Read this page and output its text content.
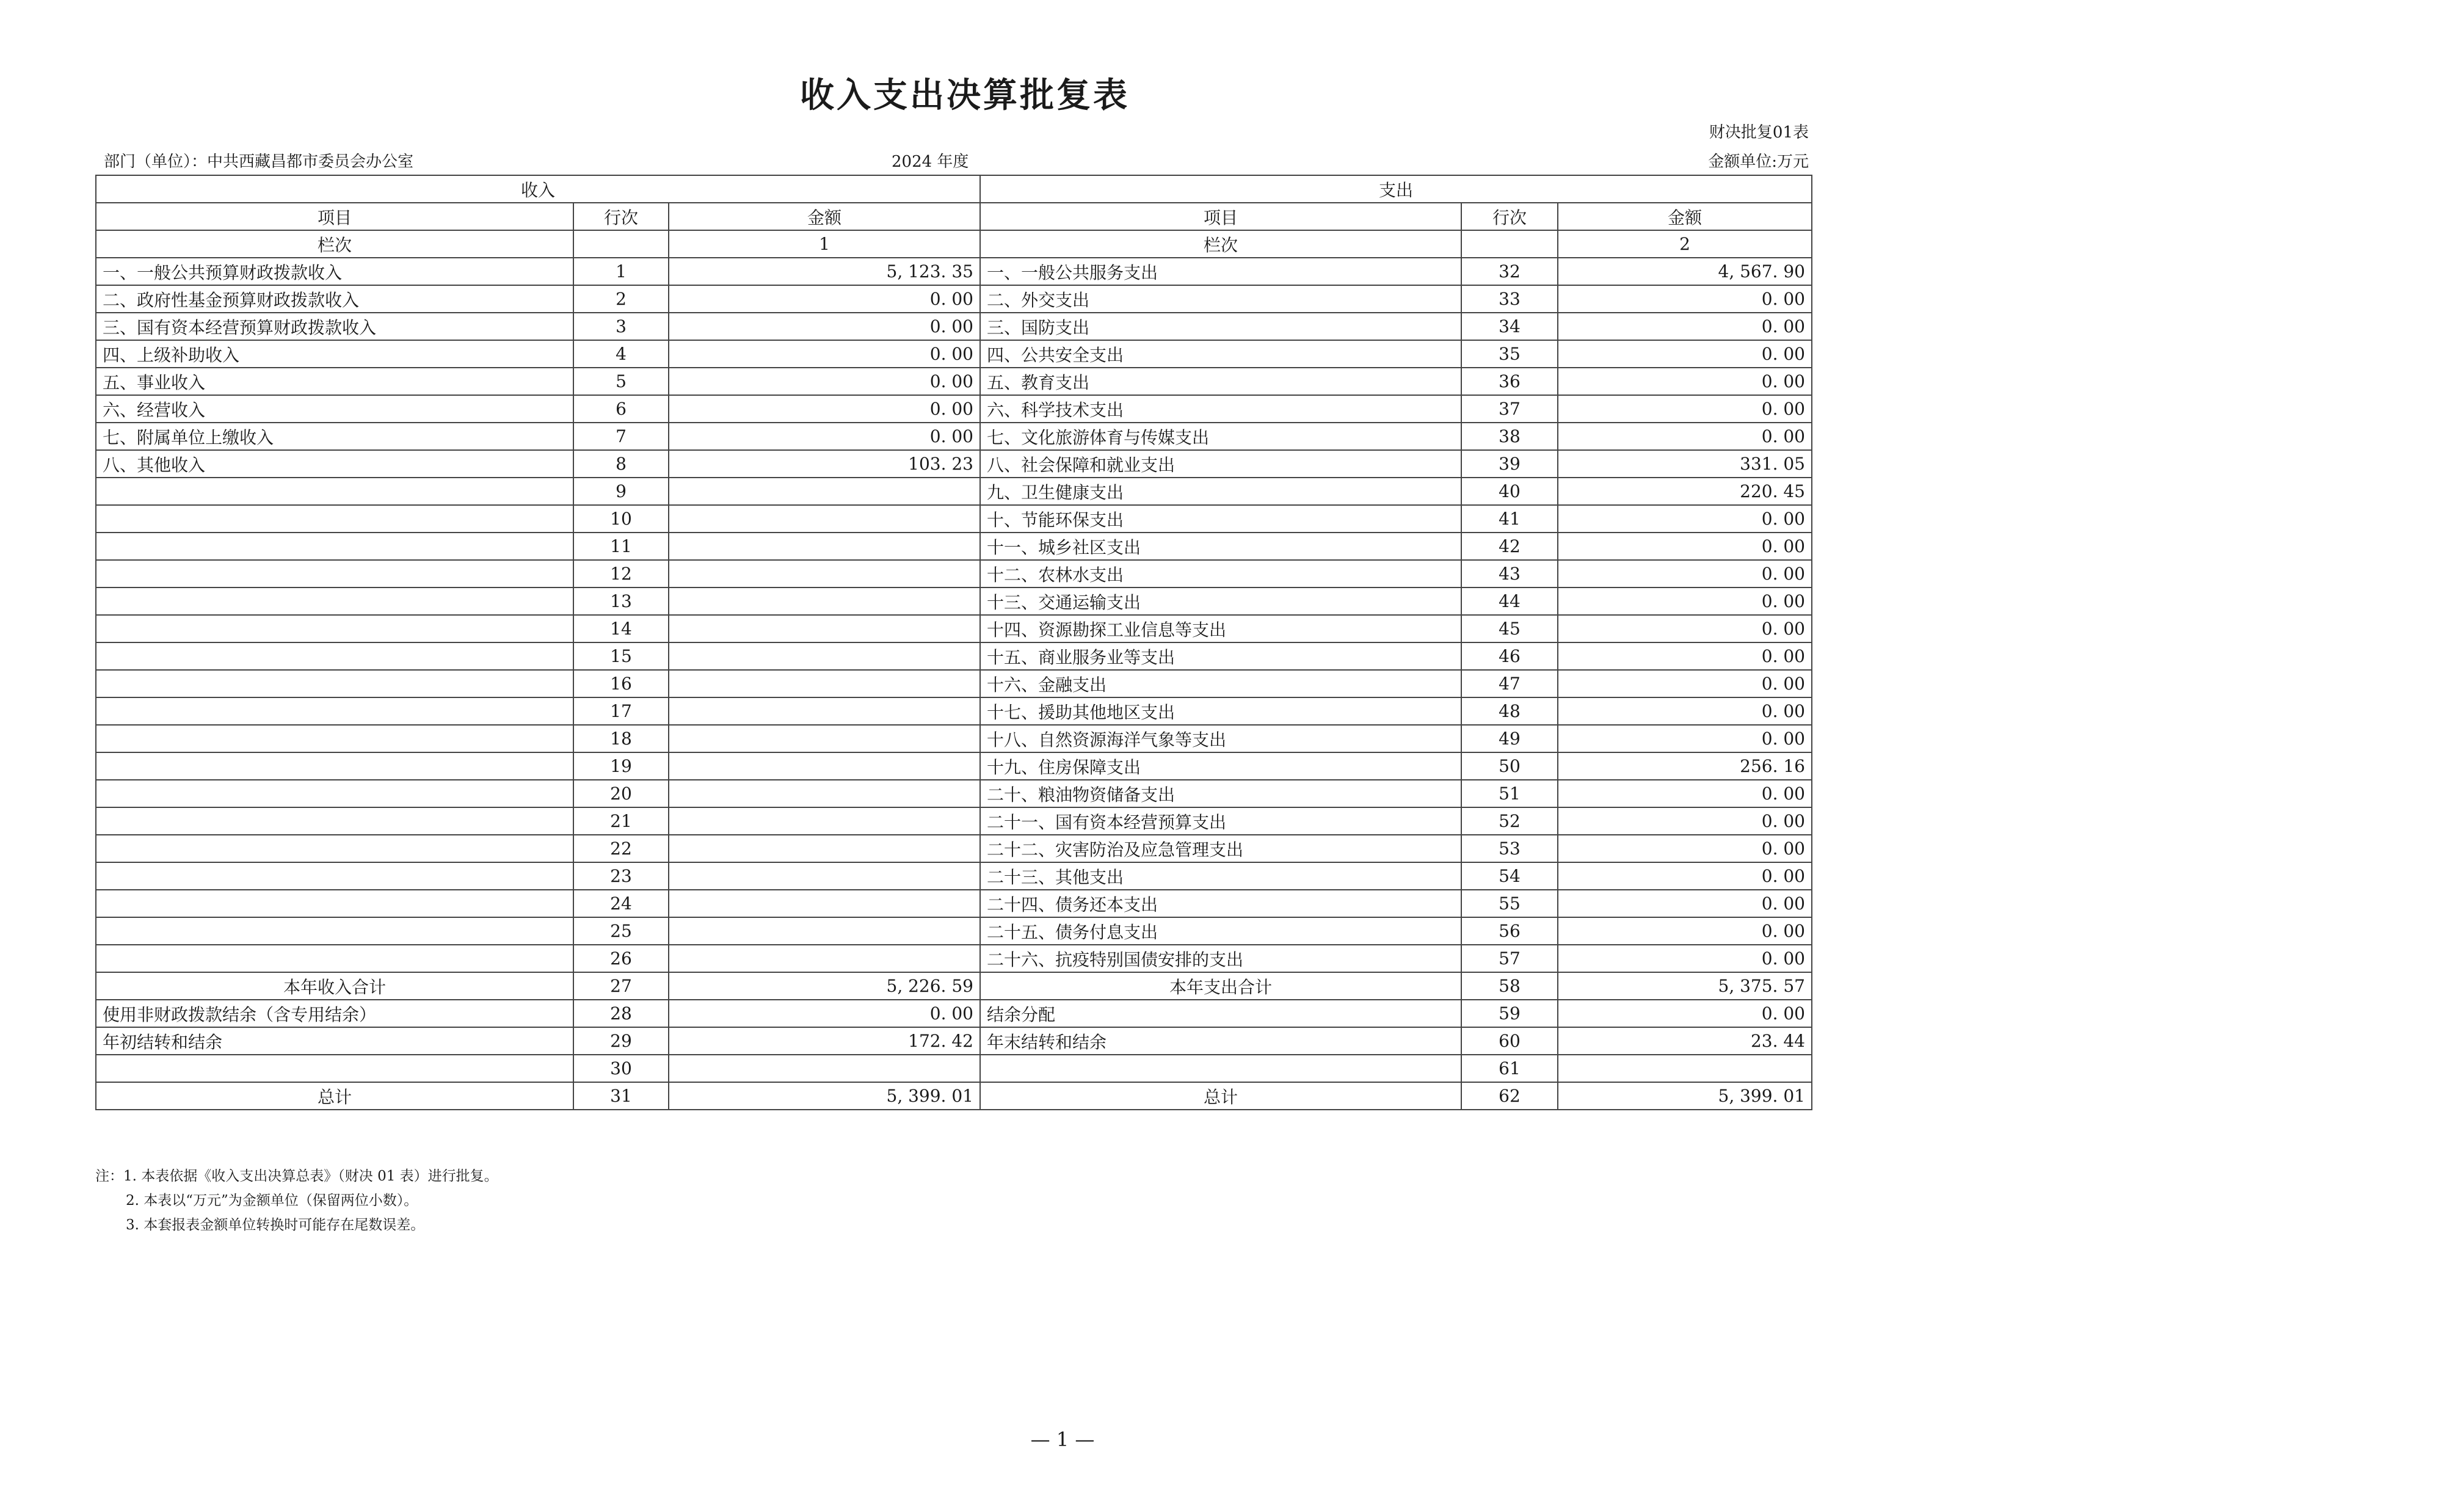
收入支出决算批复表
财决批复01表
部门（单位）：中共西藏昌都市委员会办公室	2024 年度	金额单位:万元
收入			支出		
项目	行次	金额	项目	行次	金额
栏次		1	栏次		2
一、一般公共预算财政拨款收入	1	5, 123. 35	一、一般公共服务支出	32	4, 567. 90
二、政府性基金预算财政拨款收入	2	0. 00	二、外交支出	33	0. 00
三、国有资本经营预算财政拨款收入	3	0. 00	三、国防支出	34	0. 00
四、上级补助收入	4	0. 00	四、公共安全支出	35	0. 00
五、事业收入	5	0. 00	五、教育支出	36	0. 00
六、经营收入	6	0. 00	六、科学技术支出	37	0. 00
七、附属单位上缴收入	7	0. 00	七、文化旅游体育与传媒支出	38	0. 00
八、其他收入	8	103. 23	八、社会保障和就业支出	39	331. 05
	9		九、卫生健康支出	40	220. 45
	10		十、节能环保支出	41	0. 00
	11		十一、城乡社区支出	42	0. 00
	12		十二、农林水支出	43	0. 00
	13		十三、交通运输支出	44	0. 00
	14		十四、资源勘探工业信息等支出	45	0. 00
	15		十五、商业服务业等支出	46	0. 00
	16		十六、金融支出	47	0. 00
	17		十七、援助其他地区支出	48	0. 00
	18		十八、自然资源海洋气象等支出	49	0. 00
	19		十九、住房保障支出	50	256. 16
	20		二十、粮油物资储备支出	51	0. 00
	21		二十一、国有资本经营预算支出	52	0. 00
	22		二十二、灾害防治及应急管理支出	53	0. 00
	23		二十三、其他支出	54	0. 00
	24		二十四、债务还本支出	55	0. 00
	25		二十五、债务付息支出	56	0. 00
	26		二十六、抗疫特别国债安排的支出	57	0. 00
本年收入合计	27	5, 226. 59	本年支出合计	58	5, 375. 57
使用非财政拨款结余（含专用结余）	28	0. 00	结余分配	59	0. 00
年初结转和结余	29	172. 42	年末结转和结余	60	23. 44
	30			61	
总计	31	5, 399. 01	总计	62	5, 399. 01
注：1. 本表依据《收入支出决算总表》（财决 01 表）进行批复。
2. 本表以“万元”为金额单位（保留两位小数）。
3. 本套报表金额单位转换时可能存在尾数误差。
— 1 —
